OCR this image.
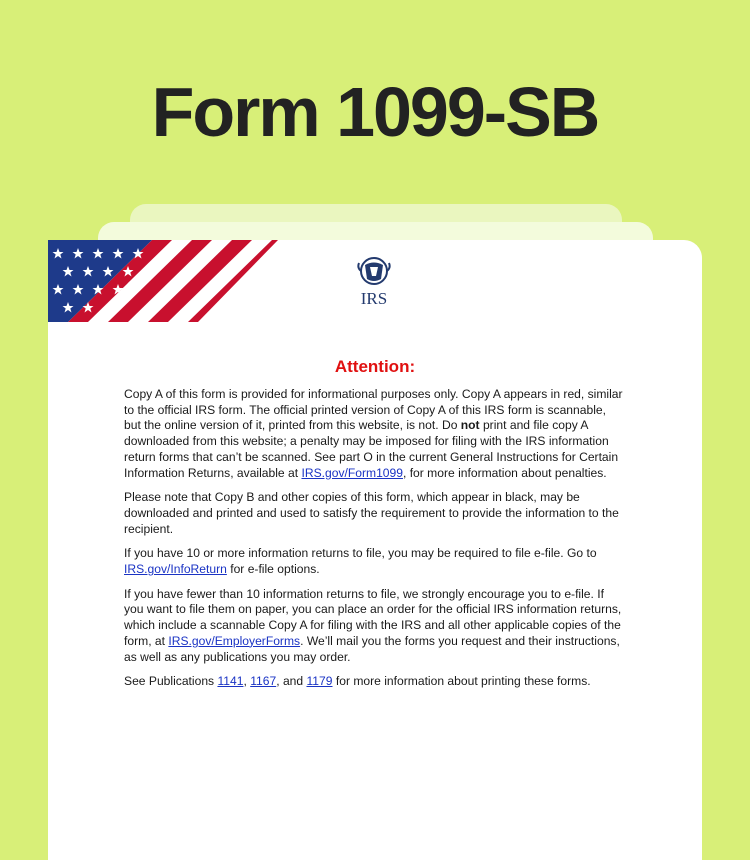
Form 1099-SB
IRS
Attention:

Copy A of this form is provided for informational purposes only. Copy A appears in red, similar to the official IRS form. The official printed version of Copy A of this IRS form is scannable, but the online version of it, printed from this website, is not. Do not print and file copy A downloaded from this website; a penalty may be imposed for filing with the IRS information return forms that can’t be scanned. See part O in the current General Instructions for Certain Information Returns, available at IRS.gov/Form1099, for more information about penalties.

Please note that Copy B and other copies of this form, which appear in black, may be downloaded and printed and used to satisfy the requirement to provide the information to the recipient.

If you have 10 or more information returns to file, you may be required to file e-file. Go to IRS.gov/InfoReturn for e-file options.

If you have fewer than 10 information returns to file, we strongly encourage you to e-file. If you want to file them on paper, you can place an order for the official IRS information returns, which include a scannable Copy A for filing with the IRS and all other applicable copies of the form, at IRS.gov/EmployerForms. We’ll mail you the forms you request and their instructions, as well as any publications you may order.

See Publications 1141, 1167, and 1179 for more information about printing these forms.
